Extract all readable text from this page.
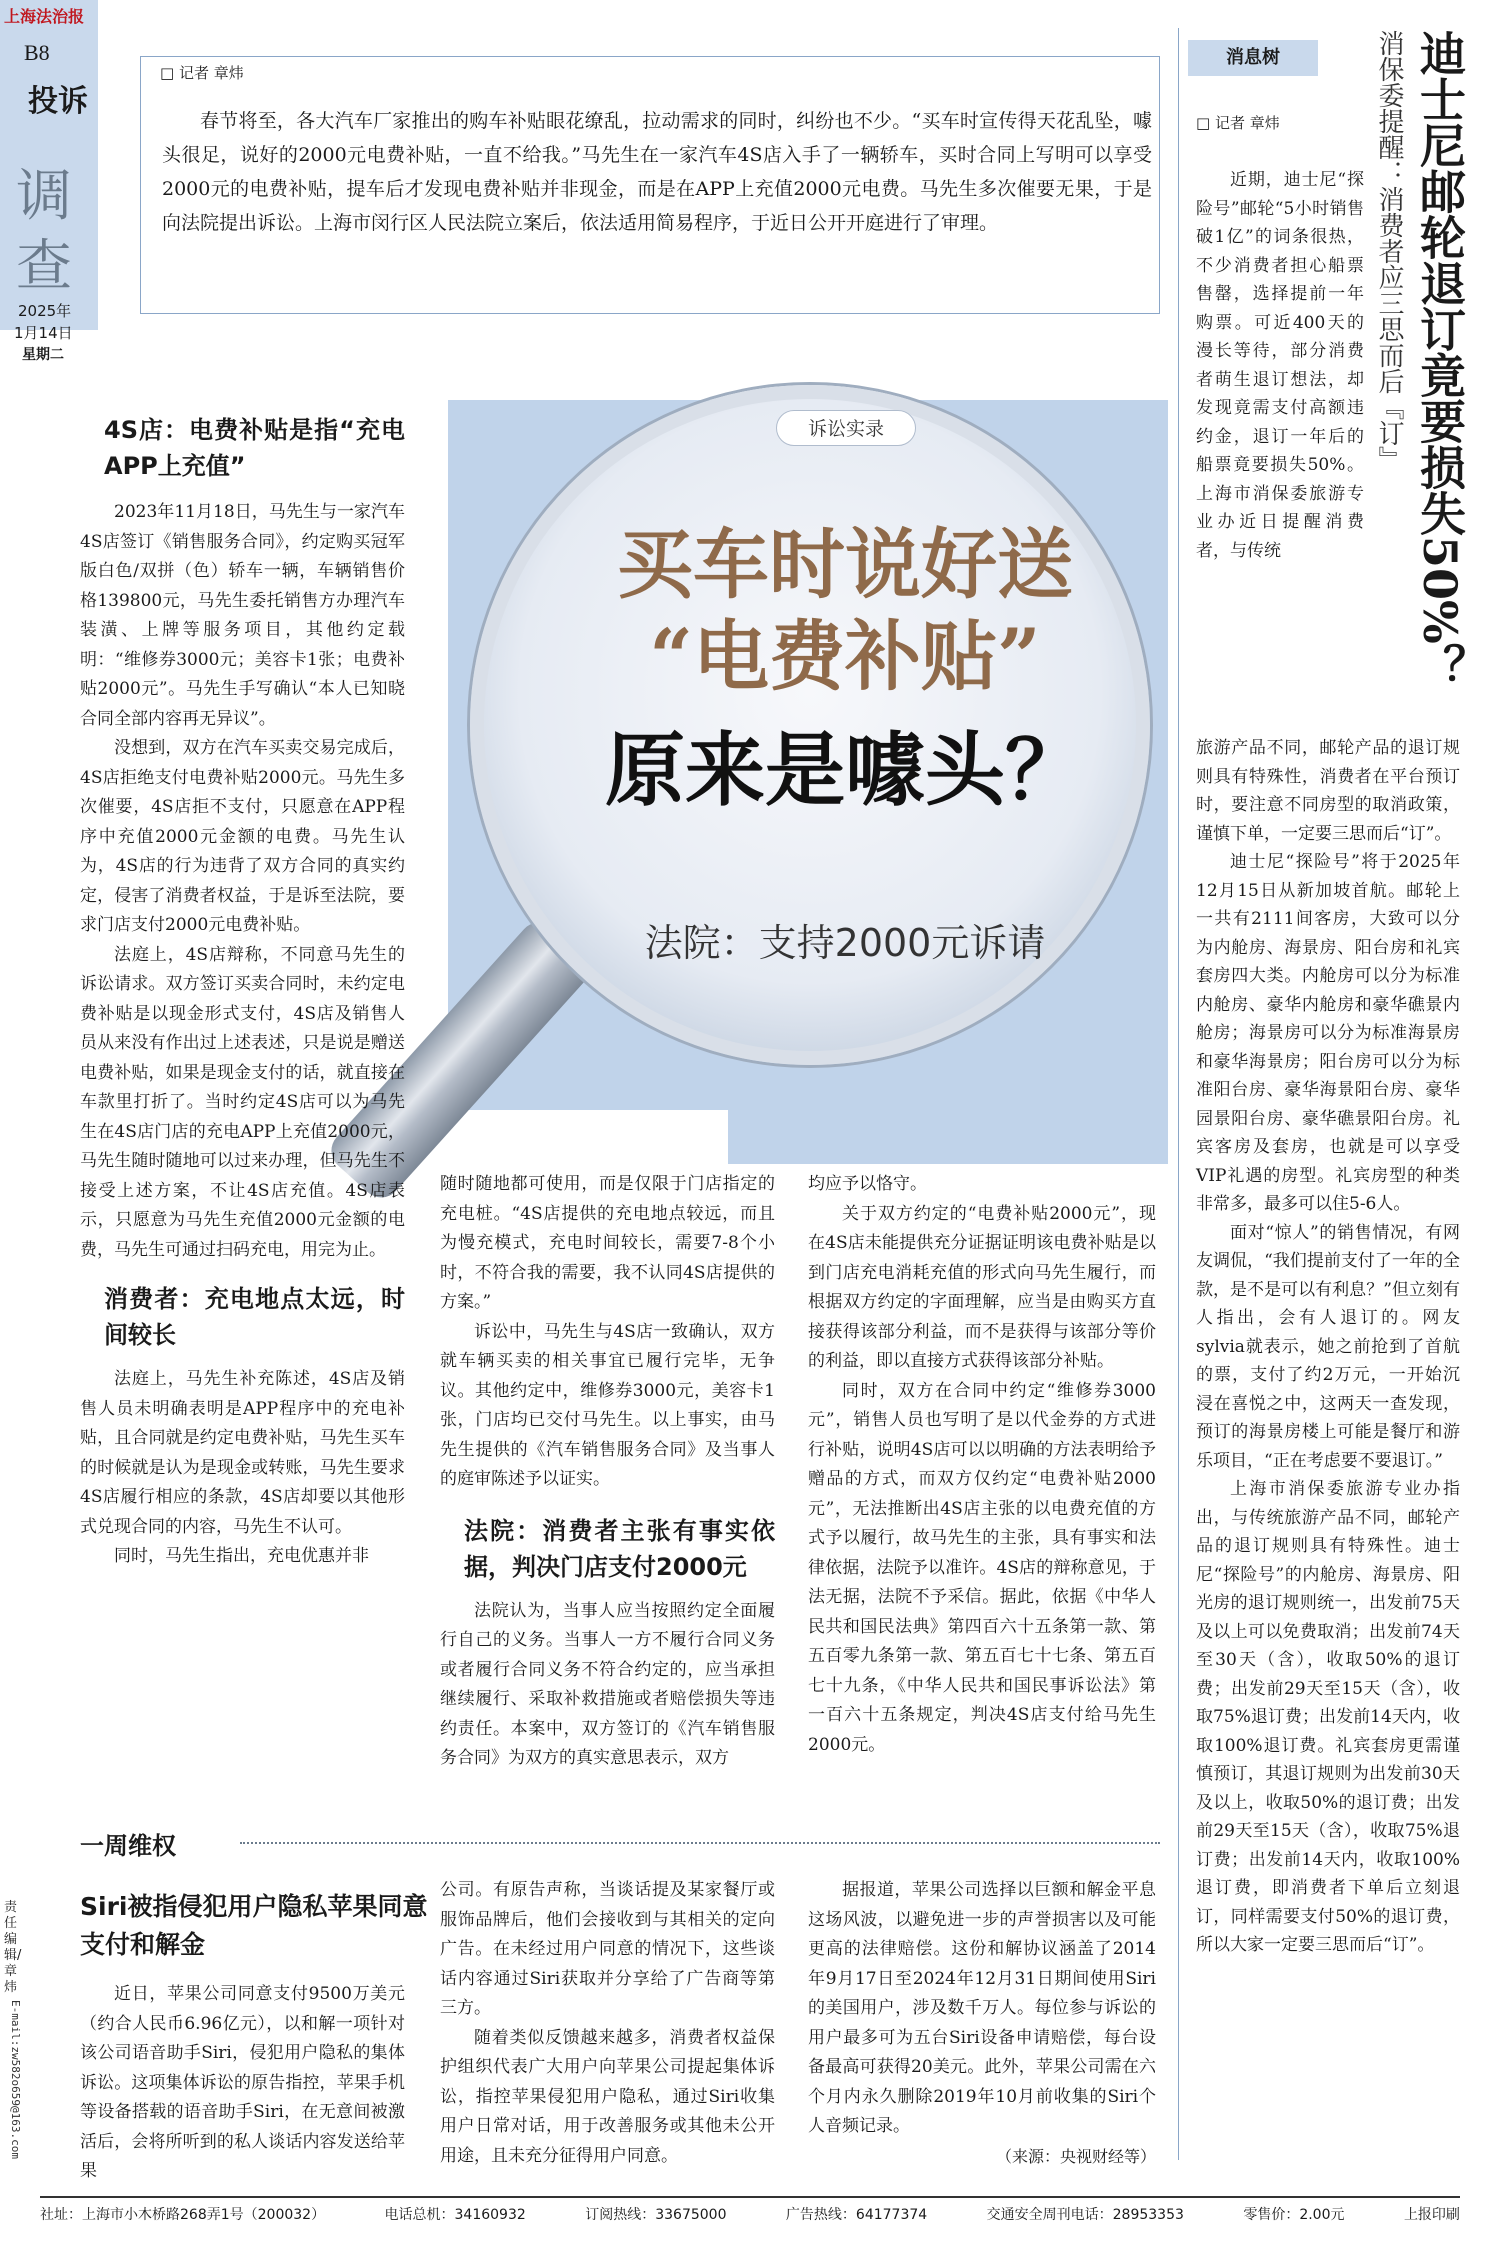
上海法治报
B8
投诉
调查
2025年
1月14日
星期二
责任编辑/章炜
E-mail:zw582o659@163.com
□ 记者 章炜
春节将至，各大汽车厂家推出的购车补贴眼花缭乱，拉动需求的同时，纠纷也不少。“买车时宣传得天花乱坠，噱头很足，说好的2000元电费补贴，一直不给我。”马先生在一家汽车4S店入手了一辆轿车，买时合同上写明可以享受2000元的电费补贴，提车后才发现电费补贴并非现金，而是在APP上充值2000元电费。马先生多次催要无果，于是向法院提出诉讼。上海市闵行区人民法院立案后，依法适用简易程序，于近日公开开庭进行了审理。
诉讼实录
买车时说好送
“电费补贴”
原来是噱头？
法院：支持2000元诉请
4S店：电费补贴是指“充电APP上充值”
2023年11月18日，马先生与一家汽车4S店签订《销售服务合同》，约定购买冠军版白色/双拼（色）轿车一辆，车辆销售价格139800元，马先生委托销售方办理汽车装潢、上牌等服务项目，其他约定载明：“维修券3000元；美容卡1张；电费补贴2000元”。马先生手写确认“本人已知晓合同全部内容再无异议”。
没想到，双方在汽车买卖交易完成后，4S店拒绝支付电费补贴2000元。马先生多次催要，4S店拒不支付，只愿意在APP程序中充值2000元金额的电费。马先生认为，4S店的行为违背了双方合同的真实约定，侵害了消费者权益，于是诉至法院，要求门店支付2000元电费补贴。
法庭上，4S店辩称，不同意马先生的诉讼请求。双方签订买卖合同时，未约定电费补贴是以现金形式支付，4S店及销售人员从来没有作出过上述表述，只是说是赠送电费补贴，如果是现金支付的话，就直接在车款里打折了。当时约定4S店可以为马先生在4S店门店的充电APP上充值2000元，马先生随时随地可以过来办理，但马先生不接受上述方案，不让4S店充值。4S店表示，只愿意为马先生充值2000元金额的电费，马先生可通过扫码充电，用完为止。
消费者：充电地点太远，时间较长
法庭上，马先生补充陈述，4S店及销售人员未明确表明是APP程序中的充电补贴，且合同就是约定电费补贴，马先生买车的时候就是认为是现金或转账，马先生要求4S店履行相应的条款，4S店却要以其他形式兑现合同的内容，马先生不认可。
同时，马先生指出，充电优惠并非
随时随地都可使用，而是仅限于门店指定的充电桩。“4S店提供的充电地点较远，而且为慢充模式，充电时间较长，需要7-8个小时，不符合我的需要，我不认同4S店提供的方案。”
诉讼中，马先生与4S店一致确认，双方就车辆买卖的相关事宜已履行完毕，无争议。其他约定中，维修券3000元，美容卡1张，门店均已交付马先生。以上事实，由马先生提供的《汽车销售服务合同》及当事人的庭审陈述予以证实。
法院：消费者主张有事实依据，判决门店支付2000元
法院认为，当事人应当按照约定全面履行自己的义务。当事人一方不履行合同义务或者履行合同义务不符合约定的，应当承担继续履行、采取补救措施或者赔偿损失等违约责任。本案中，双方签订的《汽车销售服务合同》为双方的真实意思表示，双方
均应予以恪守。
关于双方约定的“电费补贴2000元”，现在4S店未能提供充分证据证明该电费补贴是以到门店充电消耗充值的形式向马先生履行，而根据双方约定的字面理解，应当是由购买方直接获得该部分利益，而不是获得与该部分等价的利益，即以直接方式获得该部分补贴。
同时，双方在合同中约定“维修券3000元”，销售人员也写明了是以代金券的方式进行补贴，说明4S店可以以明确的方法表明给予赠品的方式，而双方仅约定“电费补贴2000元”，无法推断出4S店主张的以电费充值的方式予以履行，故马先生的主张，具有事实和法律依据，法院予以准许。4S店的辩称意见，于法无据，法院不予采信。据此，依据《中华人民共和国民法典》第四百六十五条第一款、第五百零九条第一款、第五百七十七条、第五百七十九条，《中华人民共和国民事诉讼法》第一百六十五条规定，判决4S店支付给马先生2000元。
消息树	迪士尼邮轮退订竟要损失50%？
消保委提醒：消费者应三思而后『订』
□ 记者 章炜
近期，迪士尼“探险号”邮轮“5小时销售破1亿”的词条很热，不少消费者担心船票售罄，选择提前一年购票。可近400天的漫长等待，部分消费者萌生退订想法，却发现竟需支付高额违约金，退订一年后的船票竟要损失50%。上海市消保委旅游专业办近日提醒消费者，与传统
旅游产品不同，邮轮产品的退订规则具有特殊性，消费者在平台预订时，要注意不同房型的取消政策，谨慎下单，一定要三思而后“订”。
迪士尼“探险号”将于2025年12月15日从新加坡首航。邮轮上一共有2111间客房，大致可以分为内舱房、海景房、阳台房和礼宾套房四大类。内舱房可以分为标准内舱房、豪华内舱房和豪华礁景内舱房；海景房可以分为标准海景房和豪华海景房；阳台房可以分为标准阳台房、豪华海景阳台房、豪华园景阳台房、豪华礁景阳台房。礼宾客房及套房，也就是可以享受VIP礼遇的房型。礼宾房型的种类非常多，最多可以住5-6人。
面对“惊人”的销售情况，有网友调侃，“我们提前支付了一年的全款，是不是可以有利息？”但立刻有人指出，会有人退订的。网友sylvia就表示，她之前抢到了首航的票，支付了约2万元，一开始沉浸在喜悦之中，这两天一查发现，预订的海景房楼上可能是餐厅和游乐项目，“正在考虑要不要退订。”
上海市消保委旅游专业办指出，与传统旅游产品不同，邮轮产品的退订规则具有特殊性。迪士尼“探险号”的内舱房、海景房、阳光房的退订规则统一，出发前75天及以上可以免费取消；出发前74天至30天（含），收取50%的退订费；出发前29天至15天（含），收取75%退订费；出发前14天内，收取100%退订费。礼宾套房更需谨慎预订，其退订规则为出发前30天及以上，收取50%的退订费；出发前29天至15天（含），收取75%退订费；出发前14天内，收取100%退订费，即消费者下单后立刻退订，同样需要支付50%的退订费，所以大家一定要三思而后“订”。
一周维权
Siri被指侵犯用户隐私苹果同意支付和解金
近日，苹果公司同意支付9500万美元（约合人民币6.96亿元），以和解一项针对该公司语音助手Siri，侵犯用户隐私的集体诉讼。这项集体诉讼的原告指控，苹果手机等设备搭载的语音助手Siri，在无意间被激活后，会将所听到的私人谈话内容发送给苹果
公司。有原告声称，当谈话提及某家餐厅或服饰品牌后，他们会接收到与其相关的定向广告。在未经过用户同意的情况下，这些谈话内容通过Siri获取并分享给了广告商等第三方。
随着类似反馈越来越多，消费者权益保护组织代表广大用户向苹果公司提起集体诉讼，指控苹果侵犯用户隐私，通过Siri收集用户日常对话，用于改善服务或其他未公开用途，且未充分征得用户同意。
据报道，苹果公司选择以巨额和解金平息这场风波，以避免进一步的声誉损害以及可能更高的法律赔偿。这份和解协议涵盖了2014年9月17日至2024年12月31日期间使用Siri的美国用户，涉及数千万人。每位参与诉讼的用户最多可为五台Siri设备申请赔偿，每台设备最高可获得20美元。此外，苹果公司需在六个月内永久删除2019年10月前收集的Siri个人音频记录。
（来源：央视财经等）
社址：上海市小木桥路268弄1号（200032）	电话总机：34160932	订阅热线：33675000	广告热线：64177374	交通安全周刊电话：28953353	零售价：2.00元	上报印刷
